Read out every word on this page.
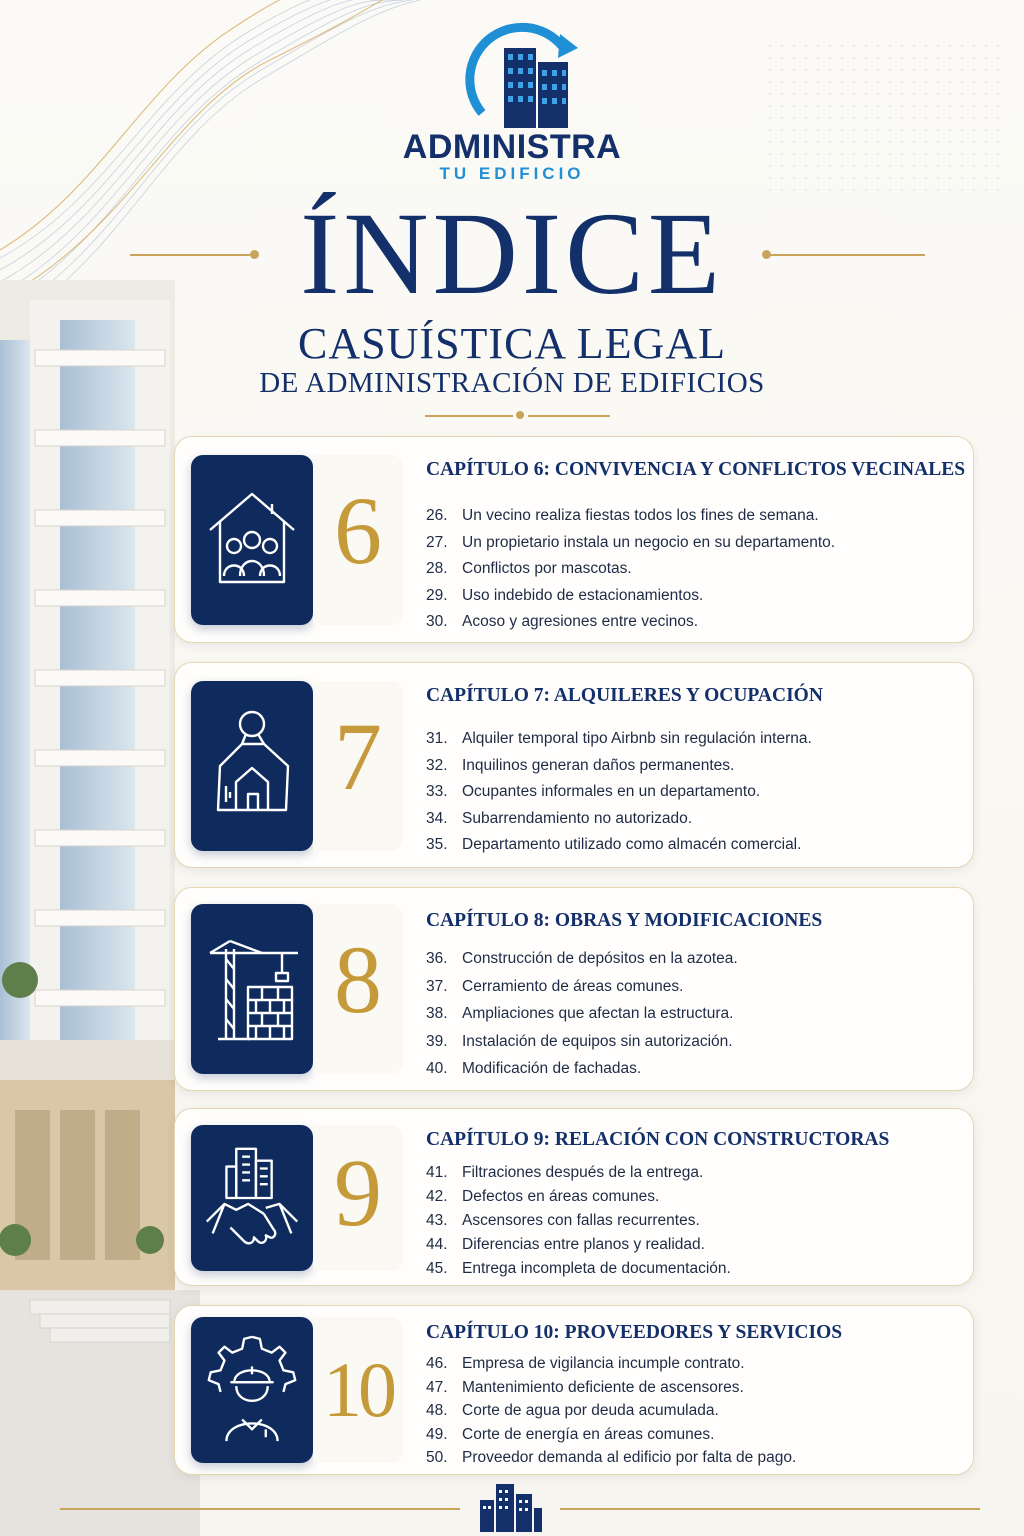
ADMINISTRA
TU EDIFICIO
ÍNDICE
CASUÍSTICA LEGAL
DE ADMINISTRACIÓN DE EDIFICIOS
6
CAPÍTULO 6: CONVIVENCIA Y CONFLICTOS VECINALES
26. Un vecino realiza fiestas todos los fines de semana.
27. Un propietario instala un negocio en su departamento.
28. Conflictos por mascotas.
29. Uso indebido de estacionamientos.
30. Acoso y agresiones entre vecinos.
7
CAPÍTULO 7: ALQUILERES Y OCUPACIÓN
31. Alquiler temporal tipo Airbnb sin regulación interna.
32. Inquilinos generan daños permanentes.
33. Ocupantes informales en un departamento.
34. Subarrendamiento no autorizado.
35. Departamento utilizado como almacén comercial.
8
CAPÍTULO 8: OBRAS Y MODIFICACIONES
36. Construcción de depósitos en la azotea.
37. Cerramiento de áreas comunes.
38. Ampliaciones que afectan la estructura.
39. Instalación de equipos sin autorización.
40. Modificación de fachadas.
9	CAPÍTULO 9: RELACIÓN CON CONSTRUCTORAS
41. Filtraciones después de la entrega.
42. Defectos en áreas comunes.
43. Ascensores con fallas recurrentes.
44. Diferencias entre planos y realidad.
45. Entrega incompleta de documentación.
10
CAPÍTULO 10: PROVEEDORES Y SERVICIOS
46. Empresa de vigilancia incumple contrato.
47. Mantenimiento deficiente de ascensores.
48. Corte de agua por deuda acumulada.
49. Corte de energía en áreas comunes.
50. Proveedor demanda al edificio por falta de pago.
